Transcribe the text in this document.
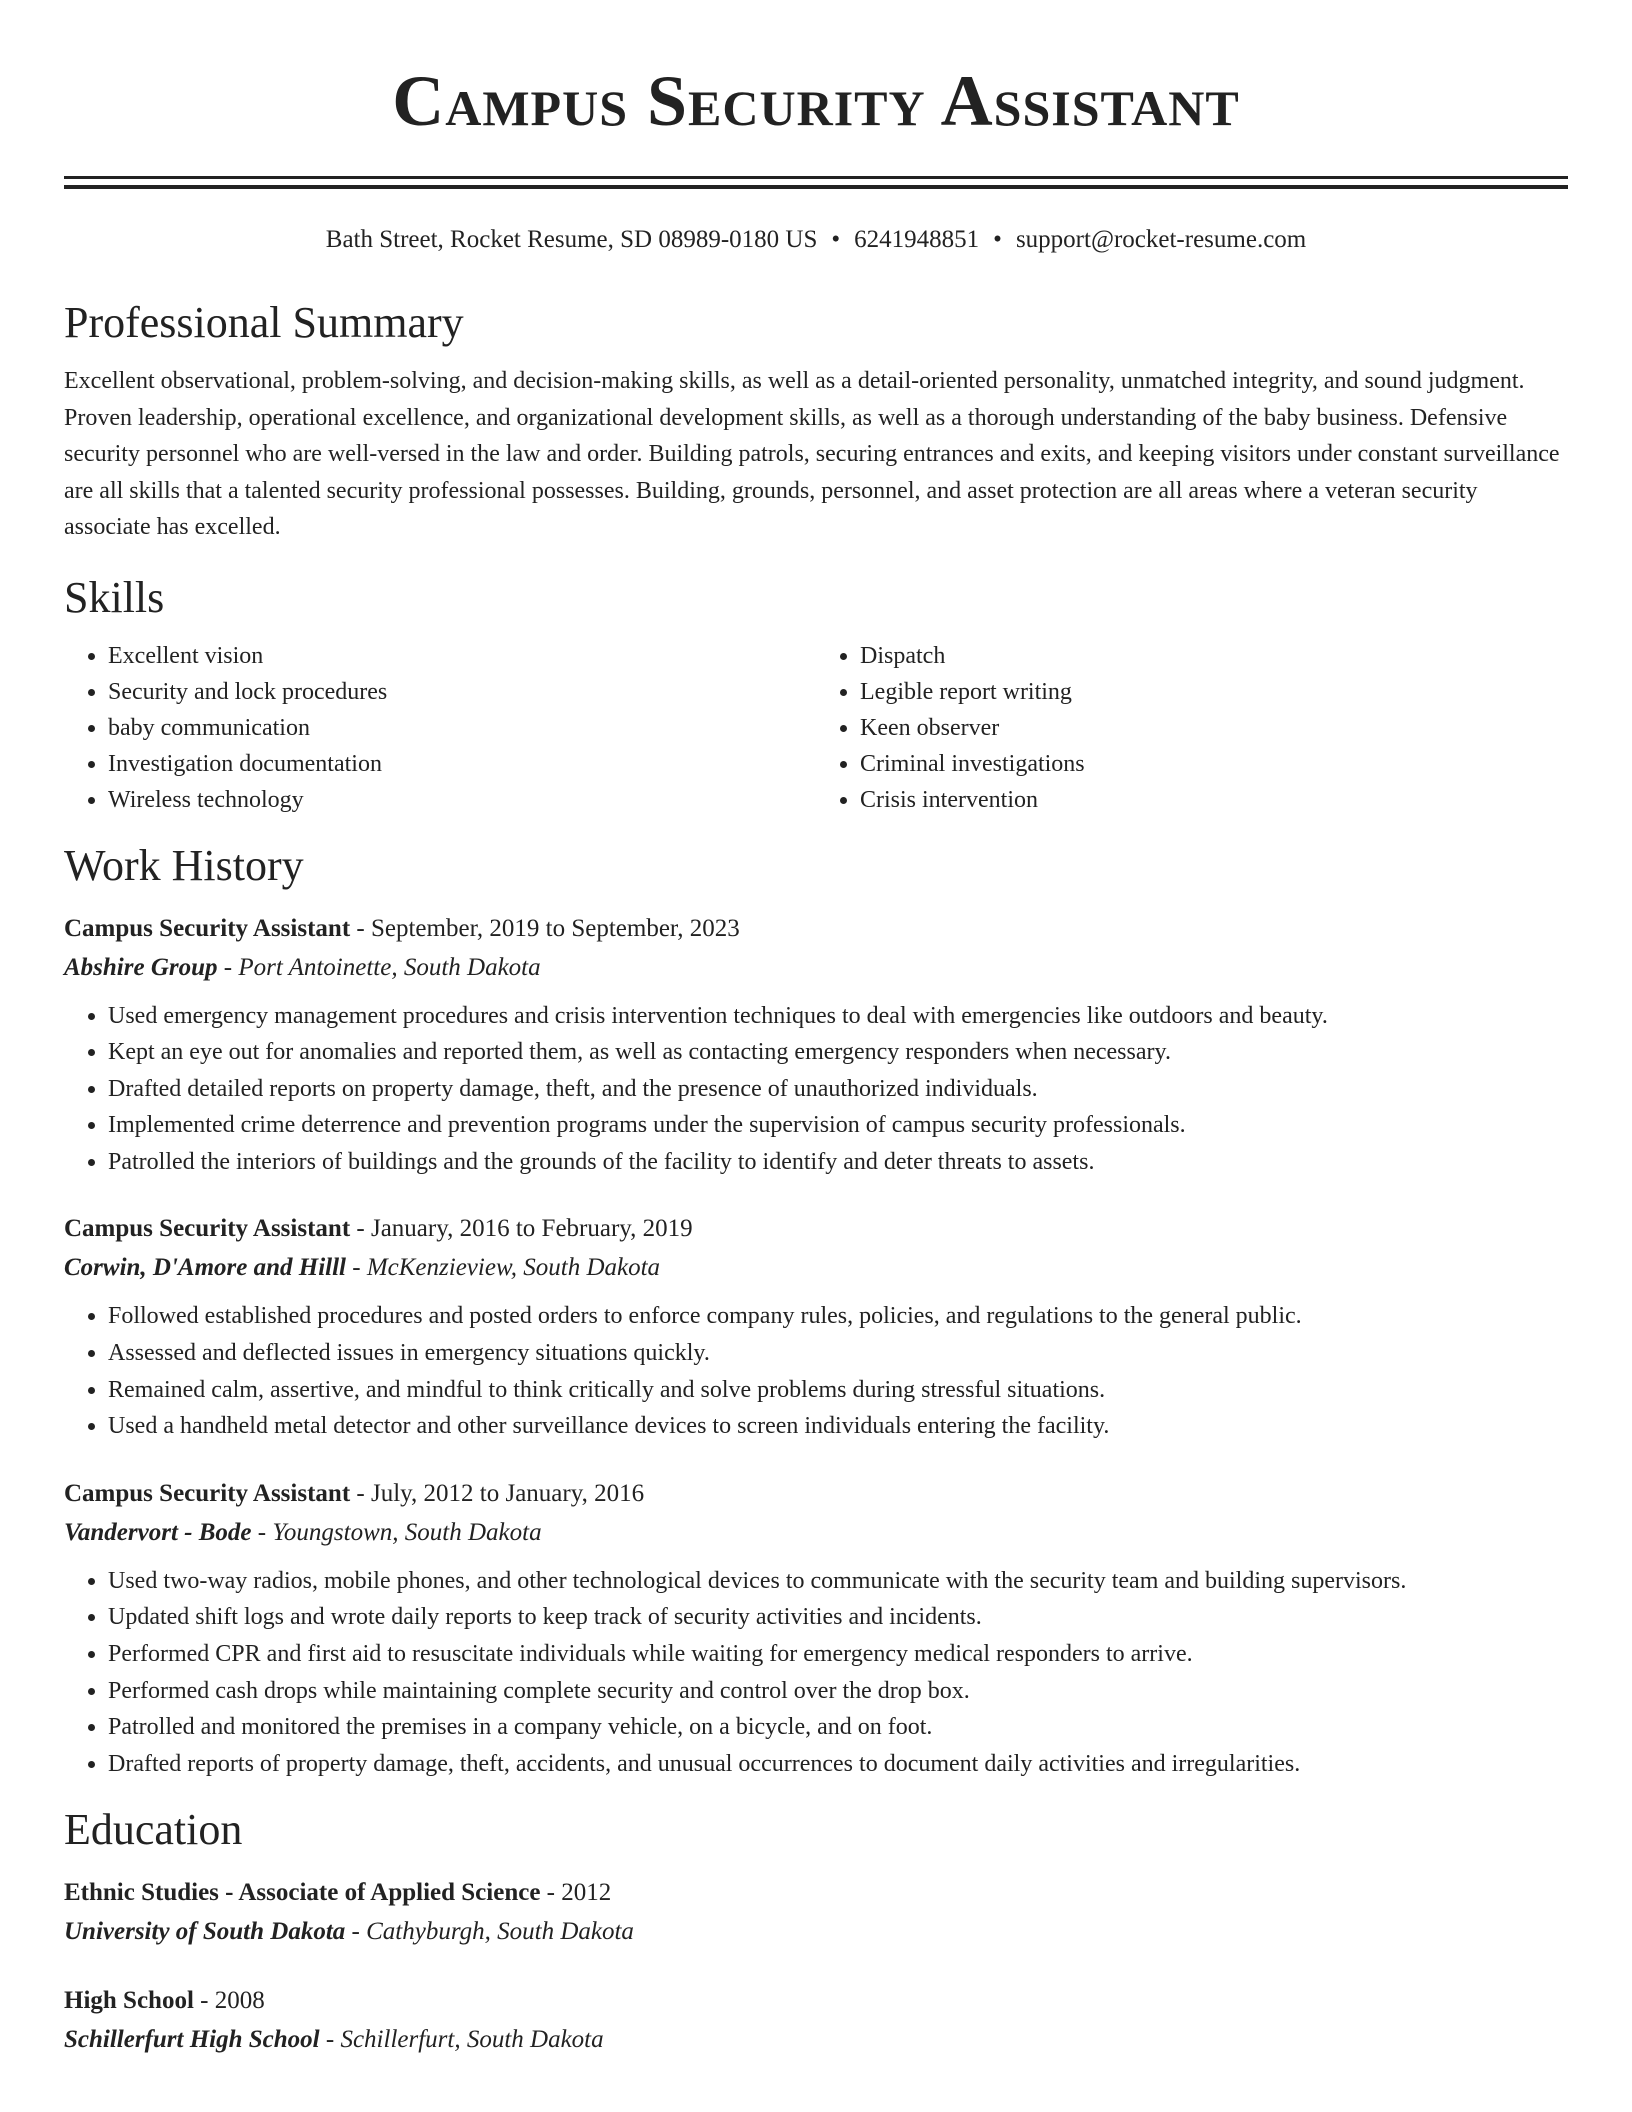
Campus Security Assistant
Bath Street, Rocket Resume, SD 08989-0180 US • 6241948851 • support@rocket-resume.com
Professional Summary

Excellent observational, problem-solving, and decision-making skills, as well as a detail-oriented personality, unmatched integrity, and sound judgment. Proven leadership, operational excellence, and organizational development skills, as well as a thorough understanding of the baby business. Defensive security personnel who are well-versed in the law and order. Building patrols, securing entrances and exits, and keeping visitors under constant surveillance are all skills that a talented security professional possesses. Building, grounds, personnel, and asset protection are all areas where a veteran security associate has excelled.

Skills
• Excellent vision
• Security and lock procedures
• baby communication
• Investigation documentation
• Wireless technology
• Dispatch
• Legible report writing
• Keen observer
• Criminal investigations
• Crisis intervention
Work History
Campus Security Assistant - September, 2019 to September, 2023
Abshire Group - Port Antoinette, South Dakota
• Used emergency management procedures and crisis intervention techniques to deal with emergencies like outdoors and beauty.
• Kept an eye out for anomalies and reported them, as well as contacting emergency responders when necessary.
• Drafted detailed reports on property damage, theft, and the presence of unauthorized individuals.
• Implemented crime deterrence and prevention programs under the supervision of campus security professionals.
• Patrolled the interiors of buildings and the grounds of the facility to identify and deter threats to assets.
Campus Security Assistant - January, 2016 to February, 2019
Corwin, D'Amore and Hilll - McKenzieview, South Dakota
• Followed established procedures and posted orders to enforce company rules, policies, and regulations to the general public.
• Assessed and deflected issues in emergency situations quickly.
• Remained calm, assertive, and mindful to think critically and solve problems during stressful situations.
• Used a handheld metal detector and other surveillance devices to screen individuals entering the facility.
Campus Security Assistant - July, 2012 to January, 2016
Vandervort - Bode - Youngstown, South Dakota
• Used two-way radios, mobile phones, and other technological devices to communicate with the security team and building supervisors.
• Updated shift logs and wrote daily reports to keep track of security activities and incidents.
• Performed CPR and first aid to resuscitate individuals while waiting for emergency medical responders to arrive.
• Performed cash drops while maintaining complete security and control over the drop box.
• Patrolled and monitored the premises in a company vehicle, on a bicycle, and on foot.
• Drafted reports of property damage, theft, accidents, and unusual occurrences to document daily activities and irregularities.
Education
Ethnic Studies - Associate of Applied Science - 2012
University of South Dakota - Cathyburgh, South Dakota
High School - 2008
Schillerfurt High School - Schillerfurt, South Dakota
